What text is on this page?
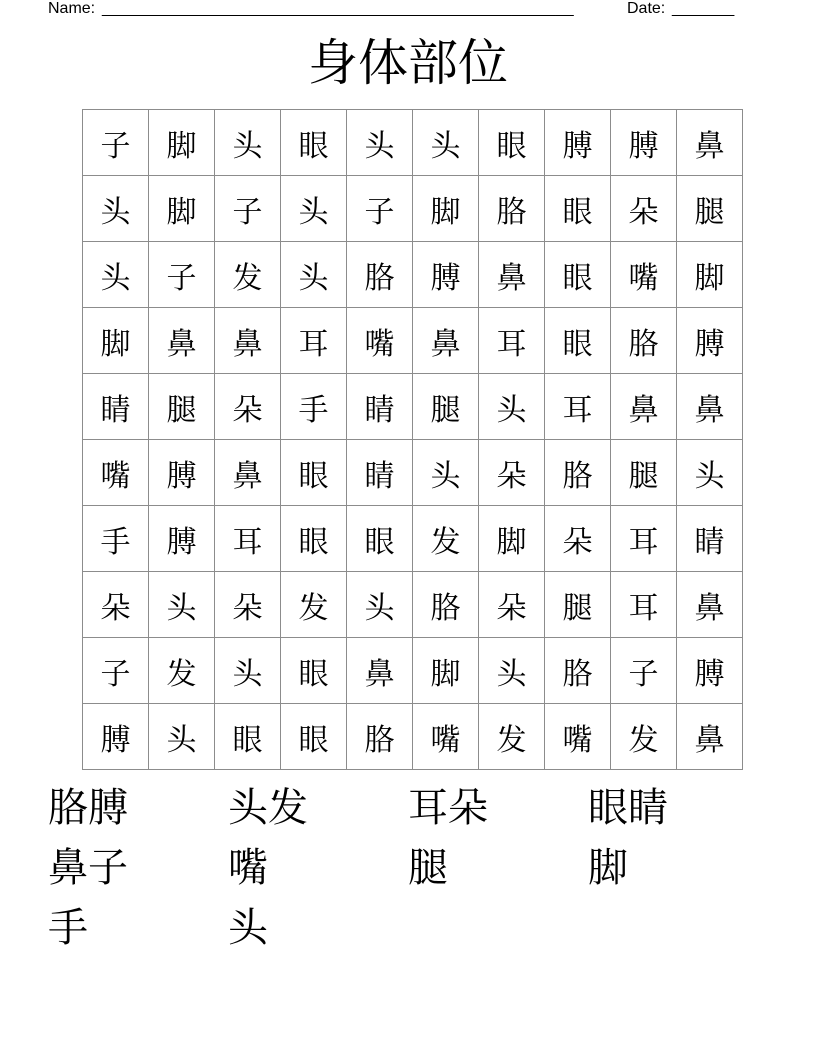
Name: _____________________________________________________	Date: _______
身体部位
子	脚	头	眼	头	头	眼	膊	膊	鼻
头	脚	子	头	子	脚	胳	眼	朵	腿
头	子	发	头	胳	膊	鼻	眼	嘴	脚
脚	鼻	鼻	耳	嘴	鼻	耳	眼	胳	膊
睛	腿	朵	手	睛	腿	头	耳	鼻	鼻
嘴	膊	鼻	眼	睛	头	朵	胳	腿	头
手	膊	耳	眼	眼	发	脚	朵	耳	睛
朵	头	朵	发	头	胳	朵	腿	耳	鼻
子	发	头	眼	鼻	脚	头	胳	子	膊
膊	头	眼	眼	胳	嘴	发	嘴	发	鼻
胳膊	头发	耳朵	眼睛
鼻子	嘴	腿	脚
手	头
